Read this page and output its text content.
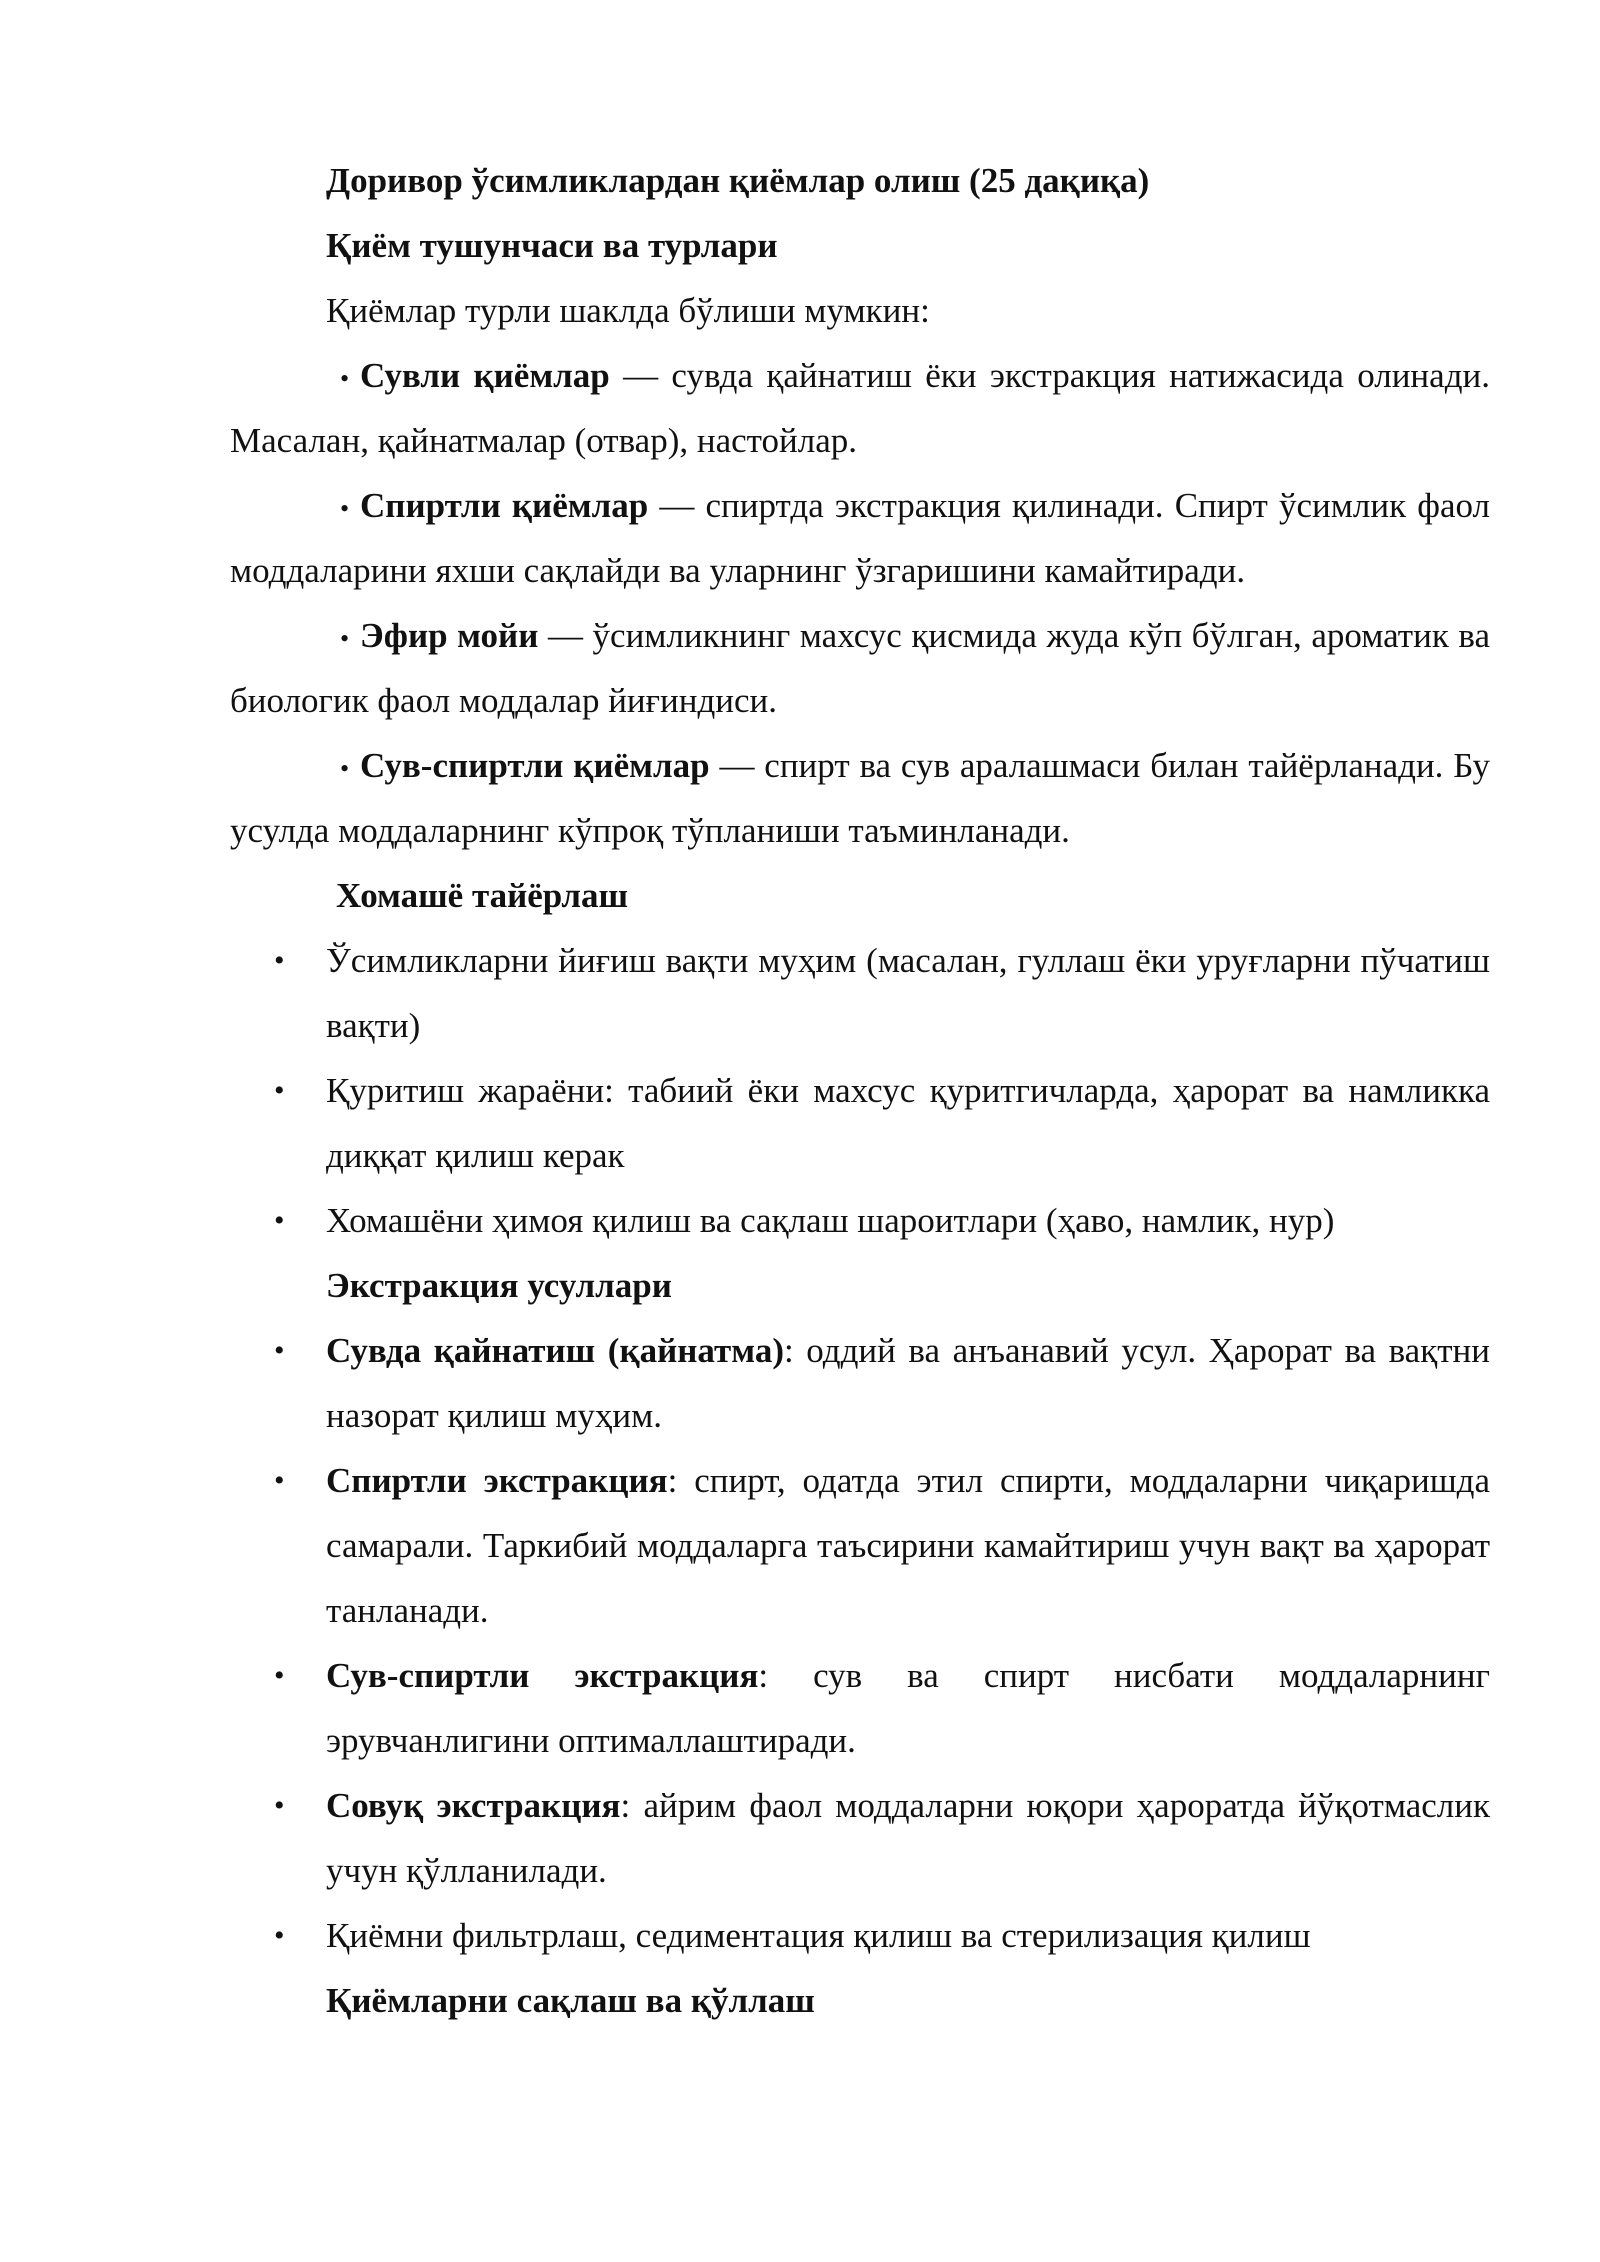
Доривор ўсимликлардан қиёмлар олиш (25 дақиқа)

Қиём тушунчаси ва турлари

Қиёмлар турли шаклда бўлиши мумкин:

• Сувли қиёмлар — сувда қайнатиш ёки экстракция натижасида олинади. Масалан, қайнатмалар (отвар), настойлар.

• Спиртли қиёмлар — спиртда экстракция қилинади. Спирт ўсимлик фаол моддаларини яхши сақлайди ва уларнинг ўзгаришини камайтиради.

• Эфир мойи — ўсимликнинг махсус қисмида жуда кўп бўлган, ароматик ва биологик фаол моддалар йиғиндиси.

• Сув-спиртли қиёмлар — спирт ва сув аралашмаси билан тайёрланади. Бу усулда моддаларнинг кўпроқ тўпланиши таъминланади.

Хомашё тайёрлаш

• Ўсимликларни йиғиш вақти муҳим (масалан, гуллаш ёки уруғларни пўчатиш вақти)
• Қуритиш жараёни: табиий ёки махсус қуритгичларда, ҳарорат ва намликка диққат қилиш керак
• Хомашёни ҳимоя қилиш ва сақлаш шароитлари (ҳаво, намлик, нур)

Экстракция усуллари

• Сувда қайнатиш (қайнатма): оддий ва анъанавий усул. Ҳарорат ва вақтни назорат қилиш муҳим.
• Спиртли экстракция: спирт, одатда этил спирти, моддаларни чиқаришда самарали. Таркибий моддаларга таъсирини камайтириш учун вақт ва ҳарорат танланади.
• Сув-спиртли экстракция: сув ва спирт нисбати моддаларнинг эрувчанлигини оптималлаштиради.
• Совуқ экстракция: айрим фаол моддаларни юқори ҳароратда йўқотмаслик учун қўлланилади.
• Қиёмни фильтрлаш, седиментация қилиш ва стерилизация қилиш

Қиёмларни сақлаш ва қўллаш
